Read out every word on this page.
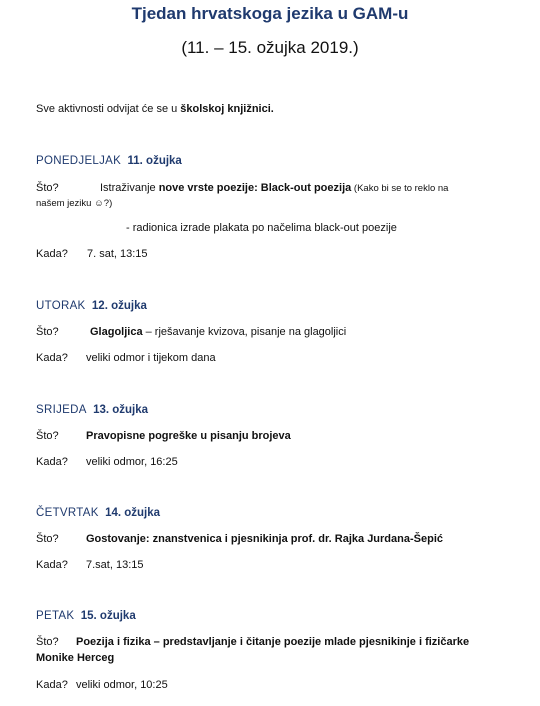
Tjedan hrvatskoga jezika u GAM-u
(11. – 15. ožujka 2019.)
Sve aktivnosti odvijat će se u školskoj knjižnici.
PONEDJELJAK 11. ožujka
Što?	Istraživanje nove vrste poezije: Black-out poezija (Kako bi se to reklo na
našem jeziku ☺?)
- radionica izrade plakata po načelima black-out poezije
Kada? 7. sat, 13:15
UTORAK 12. ožujka
Što?	Glagoljica – rješavanje kvizova, pisanje na glagoljici
Kada? veliki odmor i tijekom dana
SRIJEDA 13. ožujka
Što? Pravopisne pogreške u pisanju brojeva
Kada? veliki odmor, 16:25
ČETVRTAK 14. ožujka
Što? Gostovanje: znanstvenica i pjesnikinja prof. dr. Rajka Jurdana-Šepić
Kada? 7.sat, 13:15
PETAK 15. ožujka
Što? Poezija i fizika – predstavljanje i čitanje poezije mlade pjesnikinje i fizičarke
Monike Herceg
Kada? veliki odmor, 10:25
